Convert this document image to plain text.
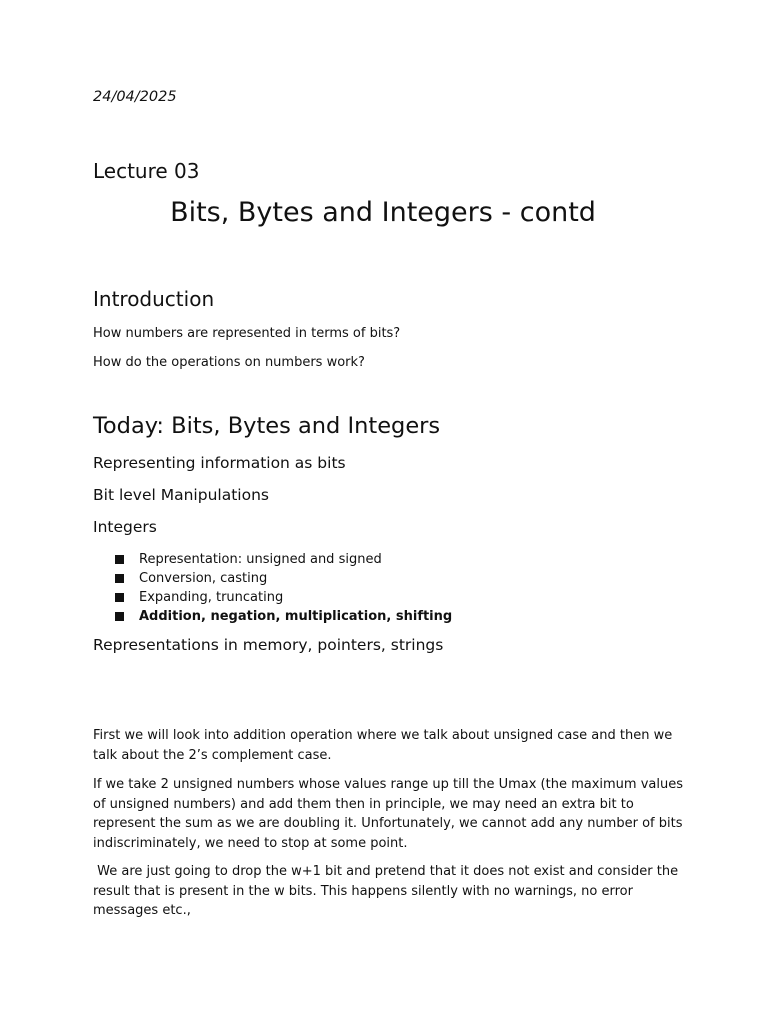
24/04/2025

Lecture 03
Bits, Bytes and Integers - contd
Introduction

How numbers are represented in terms of bits?

How do the operations on numbers work?

Today: Bits, Bytes and Integers

Representing information as bits

Bit level Manipulations

Integers

Representation: unsigned and signed
Conversion, casting
Expanding, truncating
Addition, negation, multiplication, shifting

Representations in memory, pointers, strings

First we will look into addition operation where we talk about unsigned case and then we talk about the 2’s complement case.

If we take 2 unsigned numbers whose values range up till the Umax (the maximum values of unsigned numbers) and add them then in principle, we may need an extra bit to represent the sum as we are doubling it. Unfortunately, we cannot add any number of bits indiscriminately, we need to stop at some point.

We are just going to drop the w+1 bit and pretend that it does not exist and consider the result that is present in the w bits. This happens silently with no warnings, no error messages etc.,
